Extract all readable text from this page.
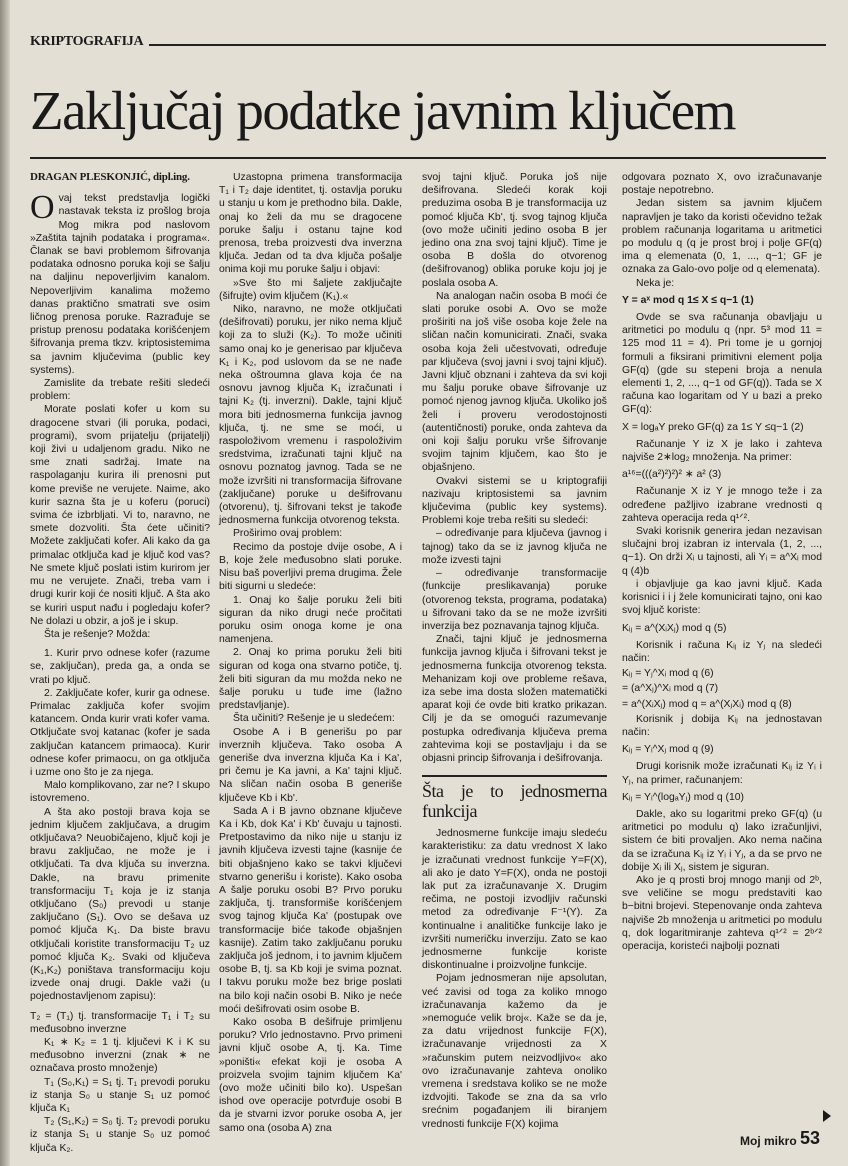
KRIPTOGRAFIJA
Zaključaj podatke javnim ključem

DRAGAN PLESKONJIĆ, dipl.ing.

Ovaj tekst predstavlja logički nastavak teksta iz prošlog broja Mog mikra pod naslovom »Zaštita tajnih podataka i programa«. Članak se bavi problemom šifrovanja podataka odnosno poruka koji se šalju na daljinu nepoverljivim kanalom. Nepoverljivim kanalima možemo danas praktično smatrati sve osim ličnog prenosa poruke. Razrađuje se pristup prenosu podataka korišćenjem šifrovanja prema tkzv. kriptosistemima sa javnim ključevima (public key systems).

Zamislite da trebate rešiti sledeći problem:

Morate poslati kofer u kom su dragocene stvari (ili poruka, podaci, programi), svom prijatelju (prijatelji) koji živi u udaljenom gradu. Niko ne sme znati sadržaj. Imate na raspolaganju kurira ili prenosni put kome previše ne verujete. Naime, ako kurir sazna šta je u koferu (poruci) svima će izbrbljati. Vi to, naravno, ne smete dozvoliti. Šta ćete učiniti? Možete zaključati kofer. Ali kako da ga primalac otključa kad je ključ kod vas? Ne smete ključ poslati istim kurirom jer mu ne verujete. Znači, treba vam i drugi kurir koji će nositi ključ. A šta ako se kuriri usput nađu i pogledaju kofer? Ne dolazi u obzir, a još je i skup.

Šta je rešenje? Možda:

1. Kurir prvo odnese kofer (razume se, zaključan), preda ga, a onda se vrati po ključ.

2. Zaključate kofer, kurir ga odnese. Primalac zaključa kofer svojim katancem. Onda kurir vrati kofer vama. Otključate svoj katanac (kofer je sada zaključan katancem primaoca). Kurir odnese kofer primaocu, on ga otključa i uzme ono što je za njega.

Malo komplikovano, zar ne? I skupo istovremeno.

A šta ako postoji brava koja se jednim ključem zaključava, a drugim otključava? Neuobičajeno, ključ koji je bravu zaključao, ne može je i otključati. Ta dva ključa su inverzna. Dakle, na bravu primenite transformaciju T₁ koja je iz stanja otključano (S₀) prevodi u stanje zaključano (S₁). Ovo se dešava uz pomoć ključa K₁. Da biste bravu otključali koristite transformaciju T₂ uz pomoć ključa K₂. Svaki od ključeva (K₁,K₂) poništava transformaciju koju izvede onaj drugi. Dakle važi (u pojednostavljenom zapisu):

T₂ = (T₁) tj. transformacije T₁ i T₂ su međusobno inverzne

K₁ ∗ K₂ = 1 tj. ključevi K i K su međusobno inverzni (znak ∗ ne označava prosto množenje)

T₁ (S₀,K₁) = S₁ tj. T₁ prevodi poruku iz stanja S₀ u stanje S₁ uz pomoć ključa K₁

T₂ (S₁,K₂) = S₀ tj. T₂ prevodi poruku iz stanja S₁ u stanje S₀ uz pomoć ključa K₂.

Uzastopna primena transformacija T₁ i T₂ daje identitet, tj. ostavlja poruku u stanju u kom je prethodno bila. Dakle, onaj ko želi da mu se dragocene poruke šalju i ostanu tajne kod prenosa, treba proizvesti dva inverzna ključa. Jedan od ta dva ključa pošalje onima koji mu poruke šalju i objavi:

»Sve što mi šaljete zaključajte (šifrujte) ovim ključem (K₁).«

Niko, naravno, ne može otključati (dešifrovati) poruku, jer niko nema ključ koji za to služi (K₂). To može učiniti samo onaj ko je generisao par ključeva K₁ i K₂, pod uslovom da se ne nađe neka oštroumna glava koja će na osnovu javnog ključa K₁ izračunati i tajni K₂ (tj. inverzni). Dakle, tajni ključ mora biti jednosmerna funkcija javnog ključa, tj. ne sme se moći, u raspoloživom vremenu i raspoloživim sredstvima, izračunati tajni ključ na osnovu poznatog javnog. Tada se ne može izvršiti ni transformacija šifrovane (zaključane) poruke u dešifrovanu (otvorenu), tj. šifrovani tekst je takođe jednosmerna funkcija otvorenog teksta.

Proširimo ovaj problem:

Recimo da postoje dvije osobe, A i B, koje žele međusobno slati poruke. Nisu baš poverljivi prema drugima. Žele biti sigurni u sledeće:

1. Onaj ko šalje poruku želi biti siguran da niko drugi neće pročitati poruku osim onoga kome je ona namenjena.

2. Onaj ko prima poruku želi biti siguran od koga ona stvarno potiče, tj. želi biti siguran da mu možda neko ne šalje poruku u tuđe ime (lažno predstavljanje).

Šta učiniti? Rešenje je u sledećem:

Osobe A i B generišu po par inverznih ključeva. Tako osoba A generiše dva inverzna ključa Ka i Ka', pri čemu je Ka javni, a Ka' tajni ključ. Na sličan način osoba B generiše ključeve Kb i Kb'.

Sada A i B javno obznane ključeve Ka i Kb, dok Ka' i Kb' čuvaju u tajnosti. Pretpostavimo da niko nije u stanju iz javnih ključeva izvesti tajne (kasnije će biti objašnjeno kako se takvi ključevi stvarno generišu i koriste). Kako osoba A šalje poruku osobi B? Prvo poruku zaključa, tj. transformiše korišćenjem svog tajnog ključa Ka' (postupak ove transformacije biće takođe objašnjen kasnije). Zatim tako zaključanu poruku zaključa još jednom, i to javnim ključem osobe B, tj. sa Kb koji je svima poznat. I takvu poruku može bez brige poslati na bilo koji način osobi B. Niko je neće moći dešifrovati osim osobe B.

Kako osoba B dešifruje primljenu poruku? Vrlo jednostavno. Prvo primeni javni ključ osobe A, tj. Ka. Time »poništi« efekat koji je osoba A proizvela svojim tajnim ključem Ka' (ovo može učiniti bilo ko). Uspešan ishod ove operacije potvrđuje osobi B da je stvarni izvor poruke osoba A, jer samo ona (osoba A) zna

svoj tajni ključ. Poruka još nije dešifrovana. Sledeći korak koji preduzima osoba B je transformacija uz pomoć ključa Kb', tj. svog tajnog ključa (ovo može učiniti jedino osoba B jer jedino ona zna svoj tajni ključ). Time je osoba B došla do otvorenog (dešifrovanog) oblika poruke koju joj je poslala osoba A.

Na analogan način osoba B moći će slati poruke osobi A. Ovo se može proširiti na još više osoba koje žele na sličan način komunicirati. Znači, svaka osoba koja želi učestvovati, određuje par ključeva (svoj javni i svoj tajni ključ). Javni ključ obznani i zahteva da svi koji mu šalju poruke obave šifrovanje uz pomoć njenog javnog ključa. Ukoliko još želi i proveru verodostojnosti (autentičnosti) poruke, onda zahteva da oni koji šalju poruku vrše šifrovanje svojim tajnim ključem, kao što je objašnjeno.

Ovakvi sistemi se u kriptografiji nazivaju kriptosistemi sa javnim ključevima (public key systems). Problemi koje treba rešiti su sledeći:

– određivanje para ključeva (javnog i tajnog) tako da se iz javnog ključa ne može izvesti tajni

– određivanje transformacije (funkcije preslikavanja) poruke (otvorenog teksta, programa, podataka) u šifrovani tako da se ne može izvršiti inverzija bez poznavanja tajnog ključa.

Znači, tajni ključ je jednosmerna funkcija javnog ključa i šifrovani tekst je jednosmerna funkcija otvorenog teksta. Mehanizam koji ove probleme rešava, iza sebe ima dosta složen matematički aparat koji će ovde biti kratko prikazan. Cilj je da se omogući razumevanje postupka određivanja ključeva prema zahtevima koji se postavljaju i da se objasni princip šifrovanja i dešifrovanja.

Šta je to jednosmerna funkcija

Jednosmerne funkcije imaju sledeću karakteristiku: za datu vrednost X lako je izračunati vrednost funkcije Y=F(X), ali ako je dato Y=F(X), onda ne postoji lak put za izračunavanje X. Drugim rečima, ne postoji izvodljiv računski metod za određivanje F⁻¹(Y). Za kontinualne i analitičke funkcije lako je izvršiti numeričku inverziju. Zato se kao jednosmerne funkcije koriste diskontinualne i proizvoljne funkcije.

Pojam jednosmeran nije apsolutan, već zavisi od toga za koliko mnogo izračunavanja kažemo da je »nemoguće velik broj«. Kaže se da je, za datu vrijednost funkcije F(X), izračunavanje vrijednosti za X »računskim putem neizvodljivo« ako ovo izračunavanje zahteva onoliko vremena i sredstava koliko se ne može izdvojiti. Takođe se zna da sa vrlo srećnim pogađanjem ili biranjem vrednosti funkcije F(X) kojima

odgovara poznato X, ovo izračunavanje postaje nepotrebno.

Jedan sistem sa javnim ključem napravljen je tako da koristi očevidno težak problem računanja logaritama u aritmetici po modulu q (q je prost broj i polje GF(q) ima q elemenata (0, 1, ..., q−1; GF je oznaka za Galo-ovo polje od q elemenata).

Neka je:

Y = aˣ mod q 1≤ X ≤ q−1 (1)

Ovde se sva računanja obavljaju u aritmetici po modulu q (npr. 5³ mod 11 = 125 mod 11 = 4). Pri tome je u gornjoj formuli a fiksirani primitivni element polja GF(q) (gde su stepeni broja a nenula elementi 1, 2, ..., q−1 od GF(q)). Tada se X računa kao logaritam od Y u bazi a preko GF(q):

X = logₐY preko GF(q) za 1≤ Y ≤q−1 (2)

Računanje Y iz X je lako i zahteva najviše 2∗log₂ množenja. Na primer:

a¹⁶=(((a²)²)²)² ∗ a² (3)

Računanje X iz Y je mnogo teže i za određene pažljivo izabrane vrednosti q zahteva operacija reda q¹ᐟ².

Svaki korisnik generira jedan nezavisan slučajni broj izabran iz intervala (1, 2, ..., q−1). On drži Xᵢ u tajnosti, ali Yᵢ = a^Xᵢ mod q (4)b

i objavljuje ga kao javni ključ. Kada korisnici i i j žele komunicirati tajno, oni kao svoj ključ koriste:

Kᵢⱼ = a^(XᵢXⱼ) mod q (5)

Korisnik i računa Kᵢⱼ iz Yⱼ na sledeći način:

Kᵢⱼ = Yⱼ^Xᵢ mod q (6)

= (a^Xⱼ)^Xᵢ mod q (7)

= a^(XᵢXⱼ) mod q = a^(XⱼXᵢ) mod q (8)

Korisnik j dobija Kᵢⱼ na jednostavan način:

Kᵢⱼ = Yᵢ^Xⱼ mod q (9)

Drugi korisnik može izračunati Kᵢⱼ iz Yᵢ i Yⱼ, na primer, računanjem:

Kᵢⱼ = Yᵢ^(logₐYⱼ) mod q (10)

Dakle, ako su logaritmi preko GF(q) (u aritmetici po modulu q) lako izračunljivi, sistem će biti provaljen. Ako nema načina da se izračuna Kᵢⱼ iz Yᵢ i Yⱼ, a da se prvo ne dobije Xᵢ ili Xⱼ, sistem je siguran.

Ako je q prosti broj mnogo manji od 2ᵇ, sve veličine se mogu predstaviti kao b−bitni brojevi. Stepenovanje onda zahteva najviše 2b množenja u aritmetici po modulu q, dok logaritmiranje zahteva q¹ᐟ² = 2ᵇᐟ² operacija, koristeći najbolji poznati

Moj mikro 53
